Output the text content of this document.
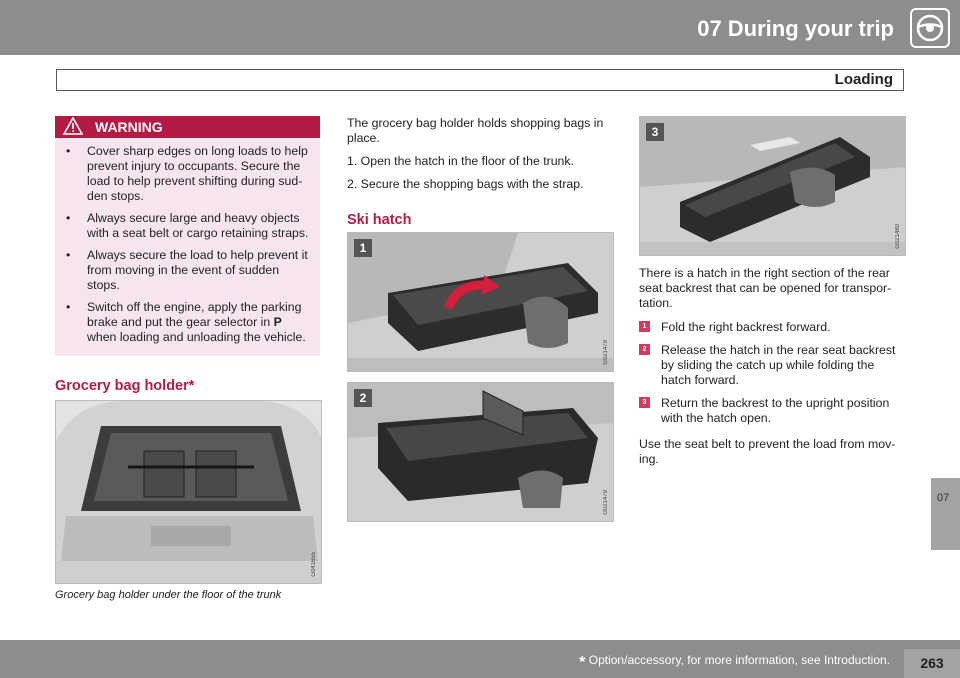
07 During your trip
Loading
WARNING
• Cover sharp edges on long loads to help prevent injury to occupants. Secure the load to help prevent shifting during sud-den stops.
• Always secure large and heavy objects with a seat belt or cargo retaining straps.
• Always secure the load to help prevent it from moving in the event of sudden stops.
• Switch off the engine, apply the parking brake and put the gear selector in P when loading and unloading the vehicle.
Grocery bag holder*
G041655
Grocery bag holder under the floor of the trunk

The grocery bag holder holds shopping bags in place.

1. Open the hatch in the floor of the trunk.
2. Secure the shopping bags with the strap.
Ski hatch
1
G021478
2
G021479
3
G021480

There is a hatch in the right section of the rear seat backrest that can be opened for transpor-tation.

1 Fold the right backrest forward.
2 Release the hatch in the rear seat backrest by sliding the catch up while folding the hatch forward.
3 Return the backrest to the upright position with the hatch open.

Use the seat belt to prevent the load from mov-ing.

07
* Option/accessory, for more information, see Introduction.	263
